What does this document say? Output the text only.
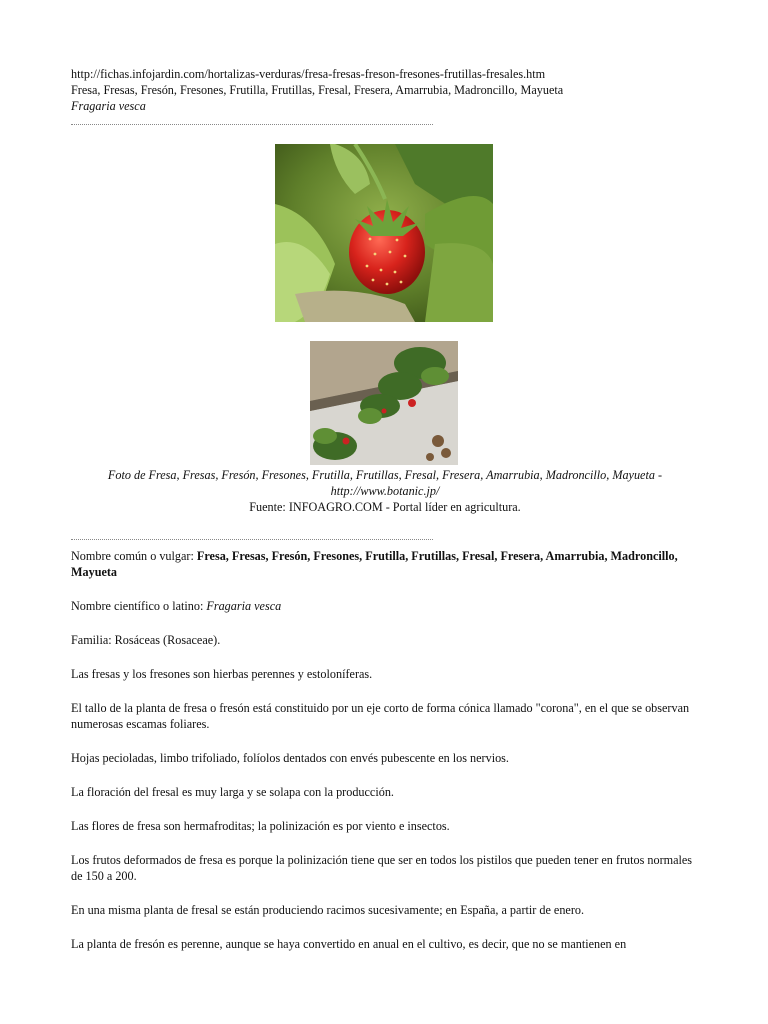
http://fichas.infojardin.com/hortalizas-verduras/fresa-fresas-freson-fresones-frutillas-fresales.htm

Fresa, Fresas, Fresón, Fresones, Frutilla, Frutillas, Fresal, Fresera, Amarrubia, Madroncillo, Mayueta

Fragaria vesca

Foto de Fresa, Fresas, Fresón, Fresones, Frutilla, Frutillas, Fresal, Fresera, Amarrubia, Madroncillo, Mayueta -
http://www.botanic.jp/
Fuente: INFOAGRO.COM - Portal líder en agricultura.

Nombre común o vulgar: Fresa, Fresas, Fresón, Fresones, Frutilla, Frutillas, Fresal, Fresera, Amarrubia, Madroncillo, Mayueta

Nombre científico o latino: Fragaria vesca

Familia: Rosáceas (Rosaceae).

Las fresas y los fresones son hierbas perennes y estoloníferas.

El tallo de la planta de fresa o fresón está constituido por un eje corto de forma cónica llamado "corona", en el que se observan numerosas escamas foliares.

Hojas pecioladas, limbo trifoliado, folíolos dentados con envés pubescente en los nervios.

La floración del fresal es muy larga y se solapa con la producción.

Las flores de fresa son hermafroditas; la polinización es por viento e insectos.

Los frutos deformados de fresa es porque la polinización tiene que ser en todos los pistilos que pueden tener en frutos normales de 150 a 200.

En una misma planta de fresal se están produciendo racimos sucesivamente; en España, a partir de enero.

La planta de fresón es perenne, aunque se haya convertido en anual en el cultivo, es decir, que no se mantienen en
